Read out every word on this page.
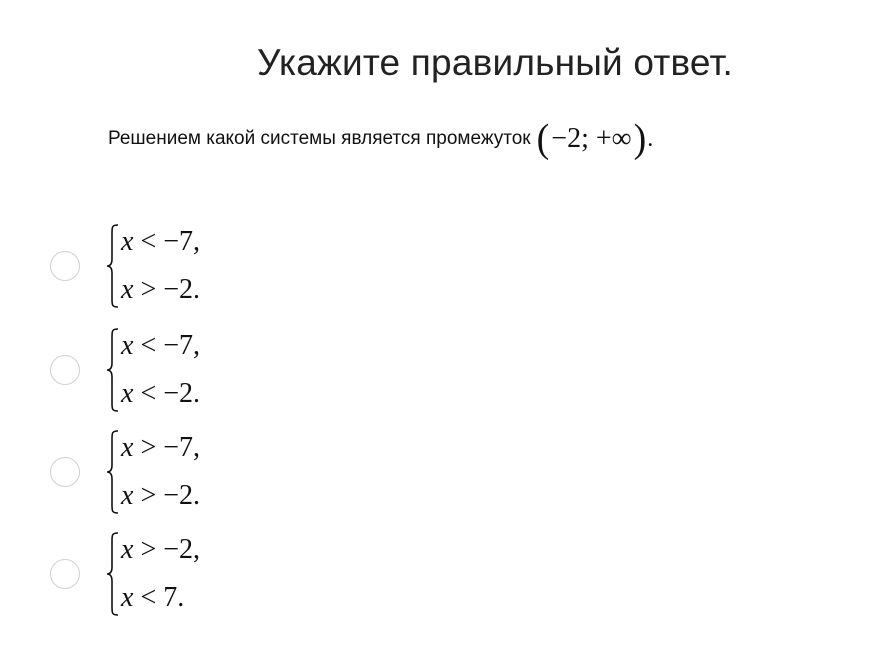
Укажите правильный ответ.
Решением какой системы является промежуток ( −2; +∞ ) .
x < −7,
x > −2.
x < −7,
x < −2.
x > −7,
x > −2.
x > −2,
x < 7.
